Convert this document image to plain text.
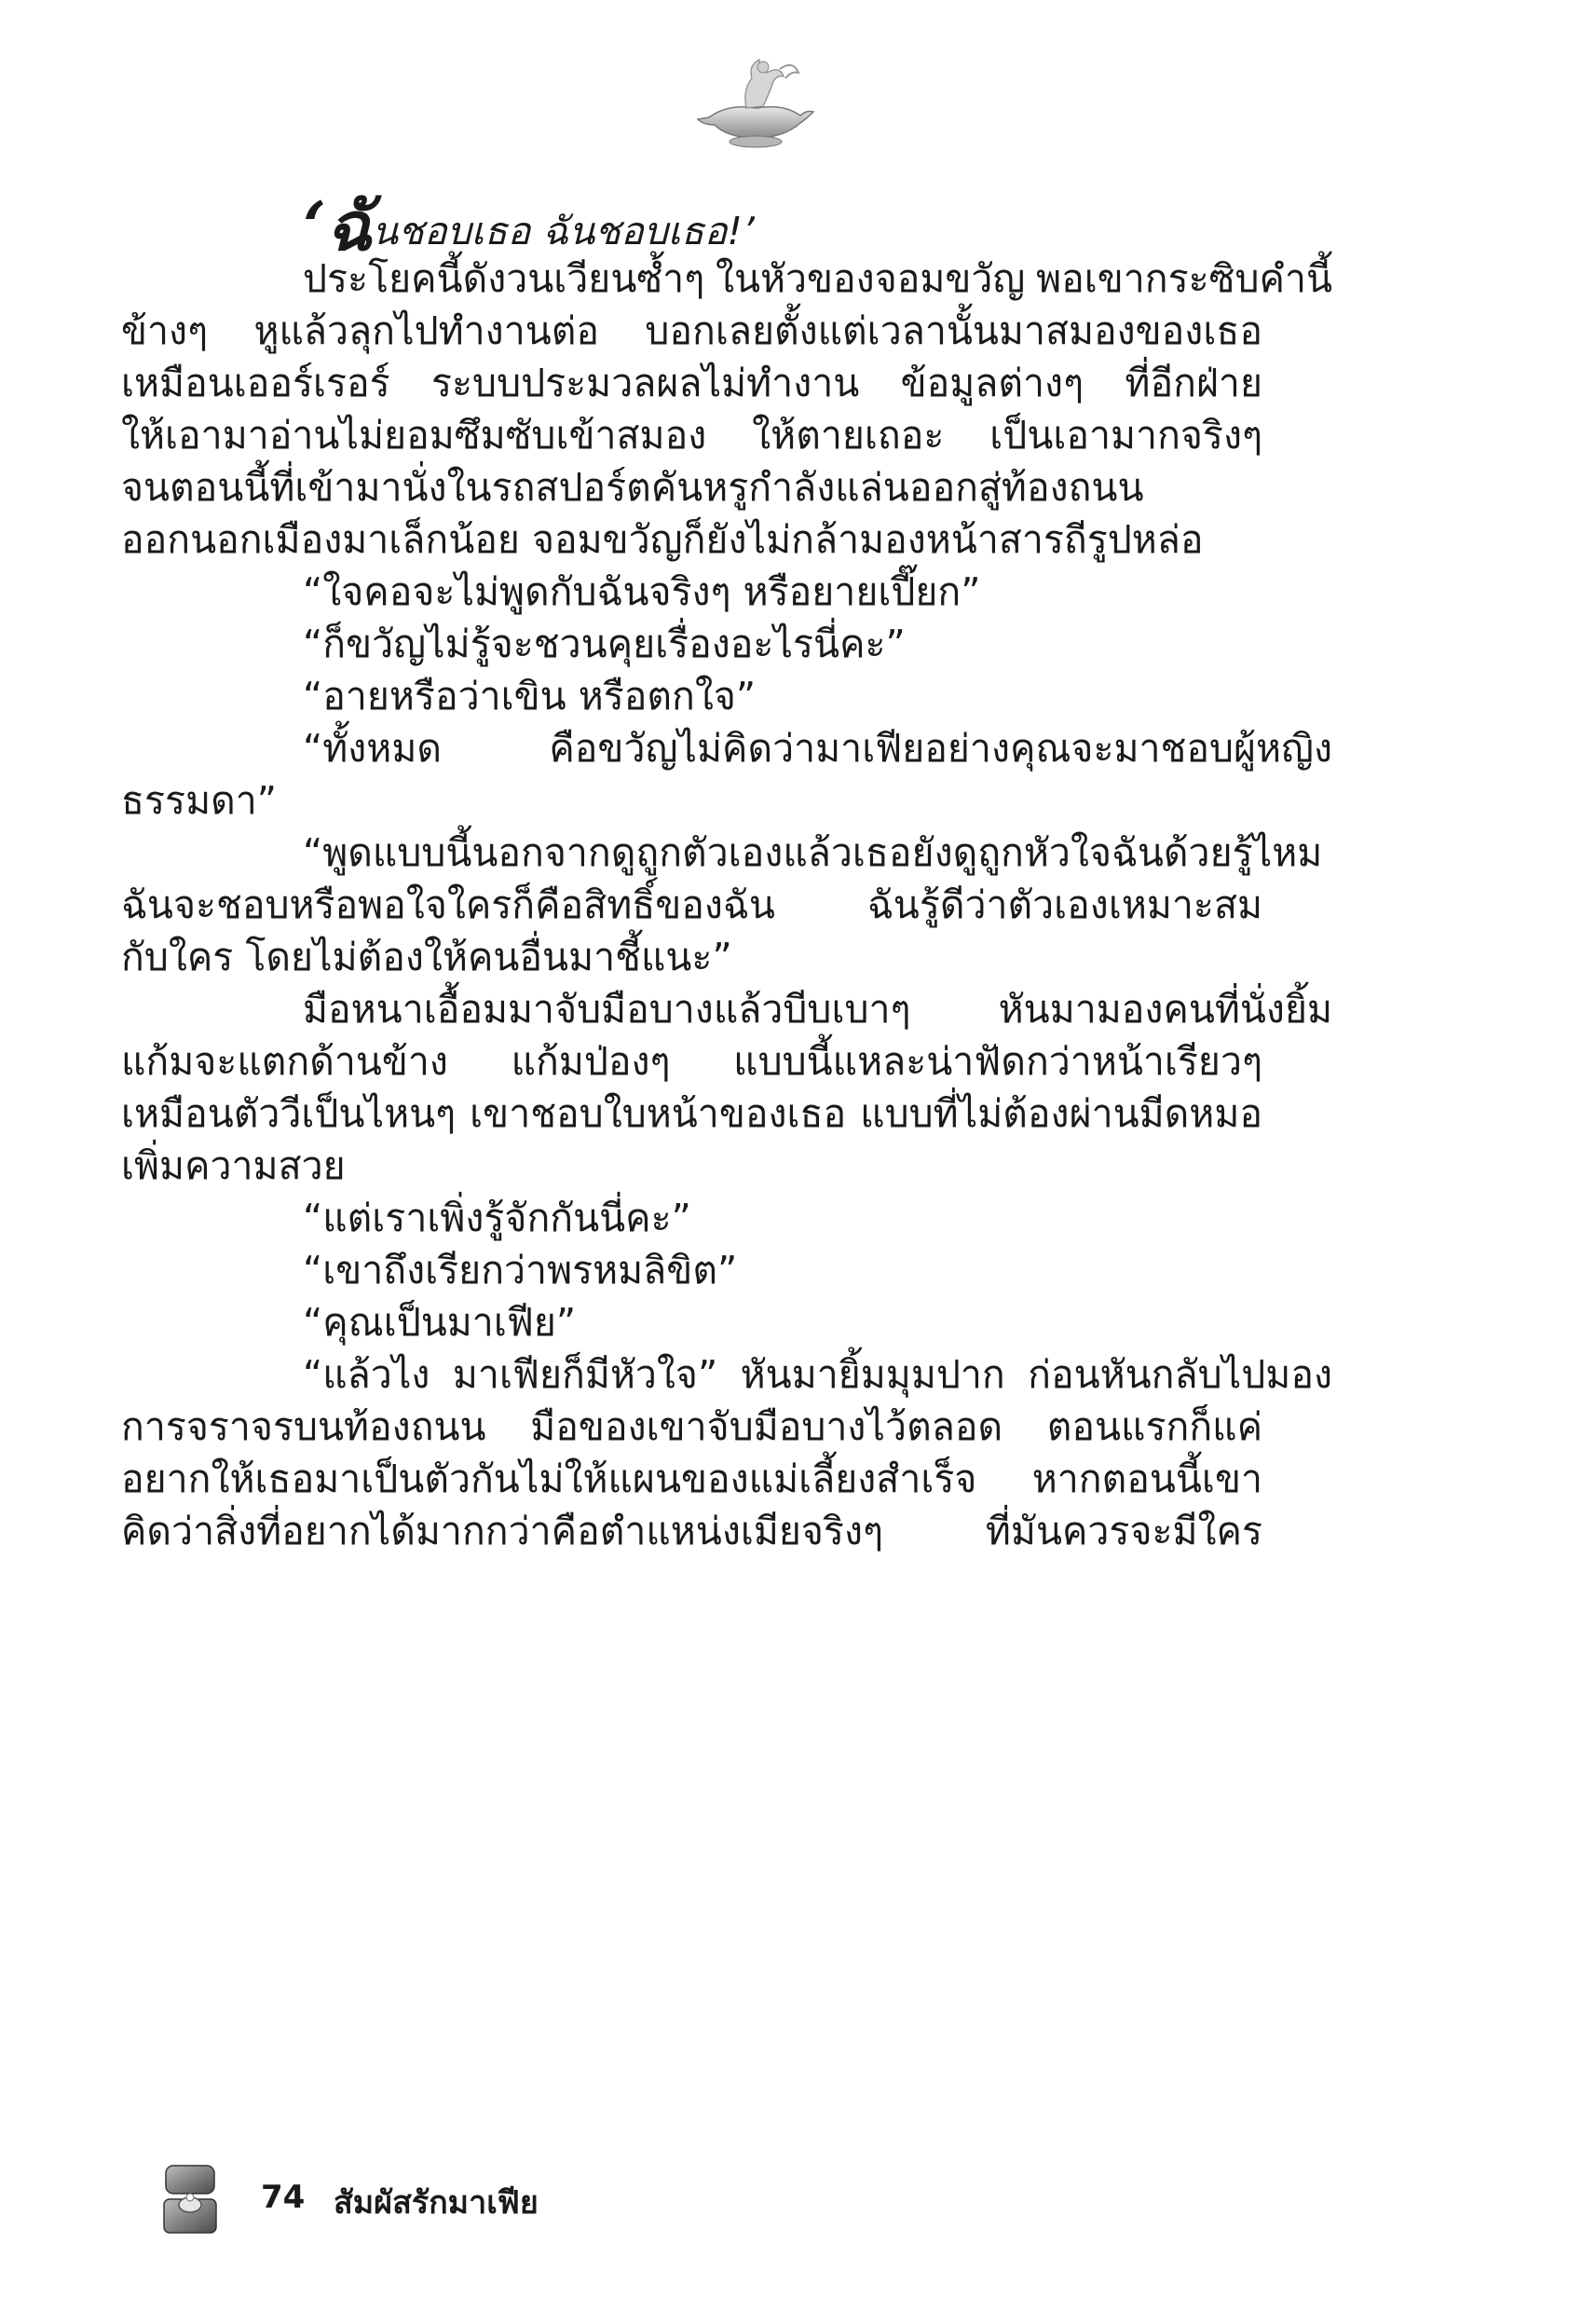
‘ฉันชอบเธอ ฉันชอบเธอ!’
ประโยคนี้ดังวนเวียนซ้ำๆ ในหัวของจอมขวัญ พอเขากระซิบคำนี้
ข้างๆ หูแล้วลุกไปทำงานต่อ บอกเลยตั้งแต่เวลานั้นมาสมองของเธอ
เหมือนเออร์เรอร์ ระบบประมวลผลไม่ทำงาน ข้อมูลต่างๆ ที่อีกฝ่าย
ให้เอามาอ่านไม่ยอมซึมซับเข้าสมอง ให้ตายเถอะ เป็นเอามากจริงๆ
จนตอนนี้ที่เข้ามานั่งในรถสปอร์ตคันหรูกำลังแล่นออกสู่ท้องถนน
ออกนอกเมืองมาเล็กน้อย จอมขวัญก็ยังไม่กล้ามองหน้าสารถีรูปหล่อ
“ใจคอจะไม่พูดกับฉันจริงๆ หรือยายเปี๊ยก”
“ก็ขวัญไม่รู้จะชวนคุยเรื่องอะไรนี่คะ”
“อายหรือว่าเขิน หรือตกใจ”
“ทั้งหมด	คือขวัญไม่คิดว่ามาเฟียอย่างคุณจะมาชอบผู้หญิง
ธรรมดา”
“พูดแบบนี้นอกจากดูถูกตัวเองแล้วเธอยังดูถูกหัวใจฉันด้วยรู้ไหม
ฉันจะชอบหรือพอใจใครก็คือสิทธิ์ของฉัน ฉันรู้ดีว่าตัวเองเหมาะสม
กับใคร โดยไม่ต้องให้คนอื่นมาชี้แนะ”
มือหนาเอื้อมมาจับมือบางแล้วบีบเบาๆ หันมามองคนที่นั่งยิ้ม
แก้มจะแตกด้านข้าง แก้มป่องๆ แบบนี้แหละน่าฟัดกว่าหน้าเรียวๆ
เหมือนตัววีเป็นไหนๆ เขาชอบใบหน้าของเธอ แบบที่ไม่ต้องผ่านมีดหมอ
เพิ่มความสวย
“แต่เราเพิ่งรู้จักกันนี่คะ”
“เขาถึงเรียกว่าพรหมลิขิต”
“คุณเป็นมาเฟีย”
“แล้วไง มาเฟียก็มีหัวใจ” หันมายิ้มมุมปาก ก่อนหันกลับไปมอง
การจราจรบนท้องถนน มือของเขาจับมือบางไว้ตลอด ตอนแรกก็แค่
อยากให้เธอมาเป็นตัวกันไม่ให้แผนของแม่เลี้ยงสำเร็จ หากตอนนี้เขา
คิดว่าสิ่งที่อยากได้มากกว่าคือตำแหน่งเมียจริงๆ	ที่มันควรจะมีใคร
74 สัมผัสรักมาเฟีย
